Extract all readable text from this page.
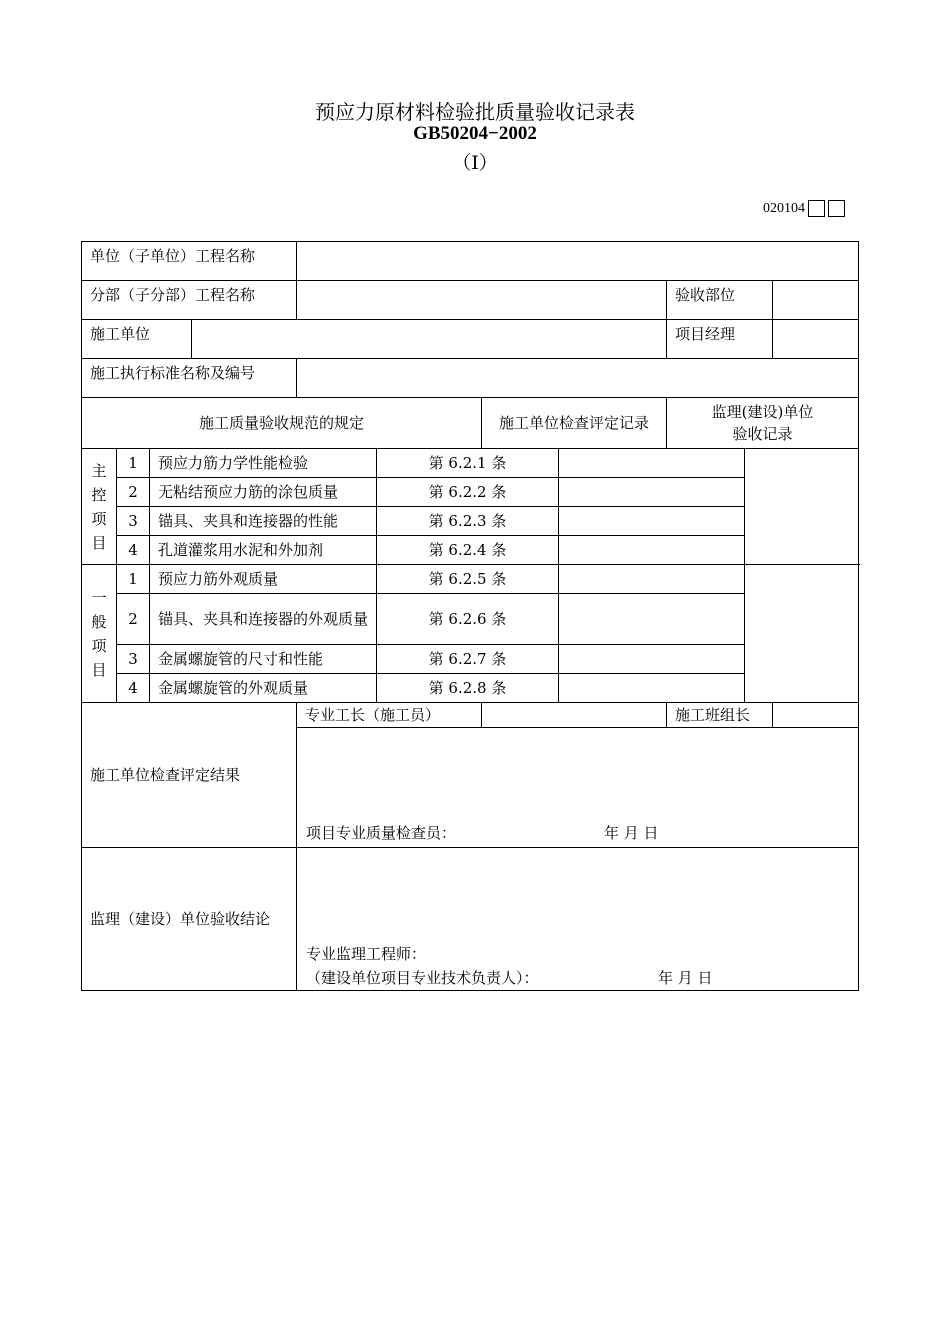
预应力原材料检验批质量验收记录表
GB50204−2002
（Ⅰ）
020104
单位（子单位）工程名称										
分部（子分部）工程名称								验收部位		
施工单位								项目经理		
施工执行标准名称及编号										
施工质量验收规范的规定						施工单位检查评定记录		监理(建设)单位
验收记录		

主
控
项
目	1	预应力筋力学性能检验			第 6.2.1 条					
	2	无粘结预应力筋的涂包质量			第 6.2.2 条					
	3	锚具、夹具和连接器的性能			第 6.2.3 条					
	4	孔道灌浆用水泥和外加剂			第 6.2.4 条					

一
般
项
目	1	预应力筋外观质量			第 6.2.5 条					
	2	锚具、夹具和连接器的外观质量			第 6.2.6 条					
	3	金属螺旋管的尺寸和性能			第 6.2.7 条					
	4	金属螺旋管的外观质量			第 6.2.8 条					
施工单位检查评定结果				专业工长（施工员）				施工班组长		

				项目专业质量检查员： 年 月 日						

监理（建设）单位验收结论				专业监理工程师：
（建设单位项目专业技术负责人）： 年 月 日						
